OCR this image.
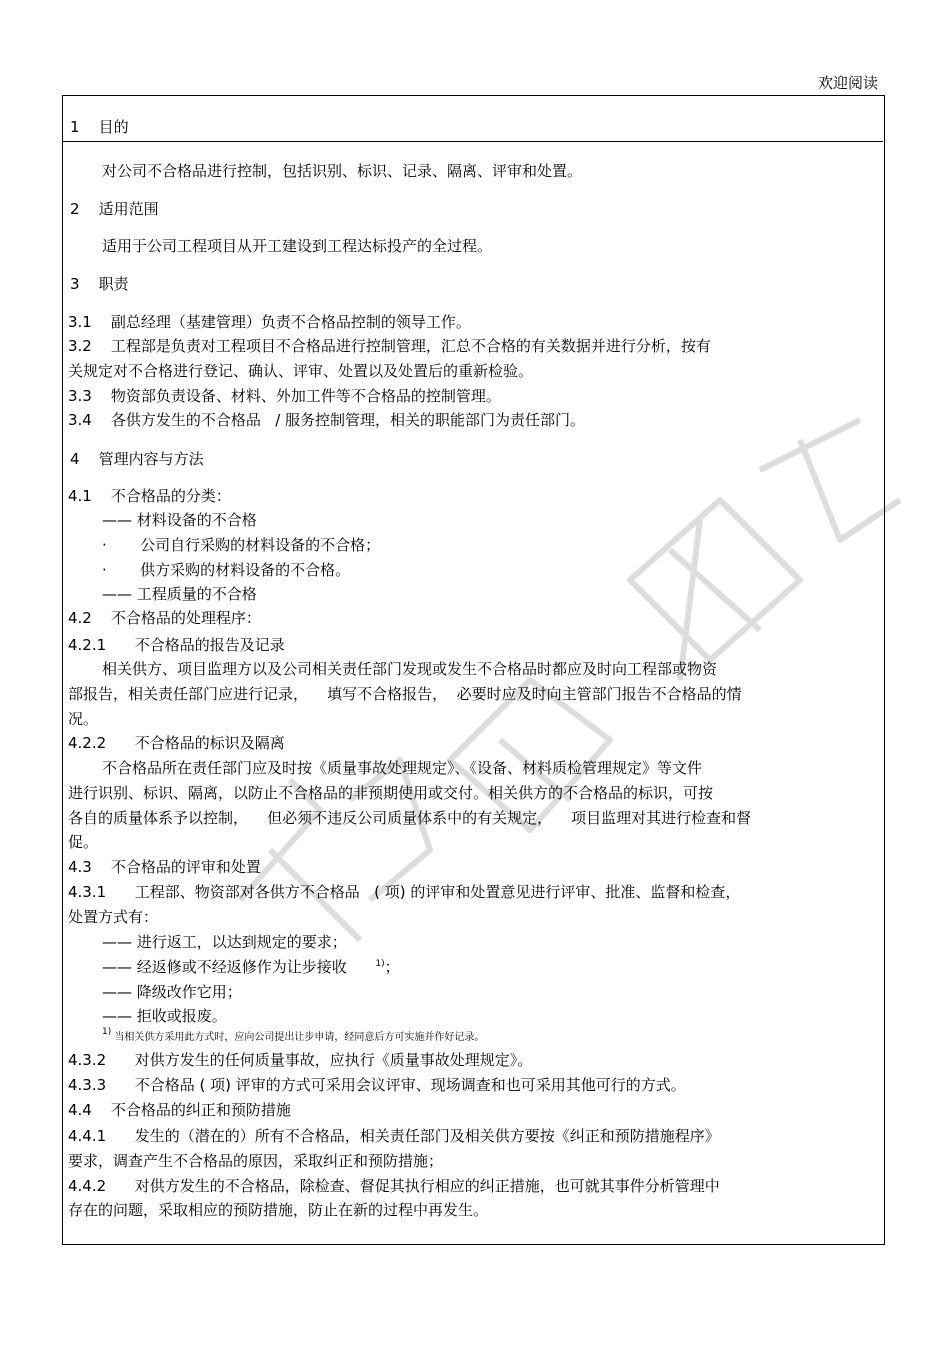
欢迎阅读
1    目的
对公司不合格品进行控制，包括识别、标识、记录、隔离、评审和处置。
2    适用范围
适用于公司工程项目从开工建设到工程达标投产的全过程。
3    职责
3.1    副总经理（基建管理）负责不合格品控制的领导工作。
3.2    工程部是负责对工程项目不合格品进行控制管理，汇总不合格的有关数据并进行分析，按有
关规定对不合格进行登记、确认、评审、处置以及处置后的重新检验。
3.3    物资部负责设备、材料、外加工件等不合格品的控制管理。
3.4    各供方发生的不合格品   / 服务控制管理，相关的职能部门为责任部门。
4    管理内容与方法
4.1    不合格品的分类：
—— 材料设备的不合格
·       公司自行采购的材料设备的不合格；
·       供方采购的材料设备的不合格。
—— 工程质量的不合格
4.2    不合格品的处理程序：
4.2.1      不合格品的报告及记录
相关供方、项目监理方以及公司相关责任部门发现或发生不合格品时都应及时向工程部或物资
部报告，相关责任部门应进行记录，    填写不合格报告，  必要时应及时向主管部门报告不合格品的情
况。
4.2.2      不合格品的标识及隔离
不合格品所在责任部门应及时按《质量事故处理规定》、《设备、材料质检管理规定》等文件
进行识别、标识、隔离，以防止不合格品的非预期使用或交付。相关供方的不合格品的标识，可按
各自的质量体系予以控制，    但必须不违反公司质量体系中的有关规定，    项目监理对其进行检查和督
促。
4.3    不合格品的评审和处置
4.3.1      工程部、物资部对各供方不合格品   ( 项) 的评审和处置意见进行评审、批准、监督和检查，
处置方式有：
—— 进行返工，以达到规定的要求；
—— 经返修或不经返修作为让步接收	$^{1)}$；
—— 降级改作它用；
—— 拒收或报废。
1) 当相关供方采用此方式时，应向公司提出让步申请，经同意后方可实施并作好记录。
4.3.2      对供方发生的任何质量事故，应执行《质量事故处理规定》。
4.3.3      不合格品 ( 项) 评审的方式可采用会议评审、现场调查和也可采用其他可行的方式。
4.4    不合格品的纠正和预防措施
4.4.1      发生的（潜在的）所有不合格品，相关责任部门及相关供方要按《纠正和预防措施程序》
要求，调查产生不合格品的原因，采取纠正和预防措施；
4.4.2      对供方发生的不合格品，除检查、督促其执行相应的纠正措施，也可就其事件分析管理中
存在的问题，采取相应的预防措施，防止在新的过程中再发生。
